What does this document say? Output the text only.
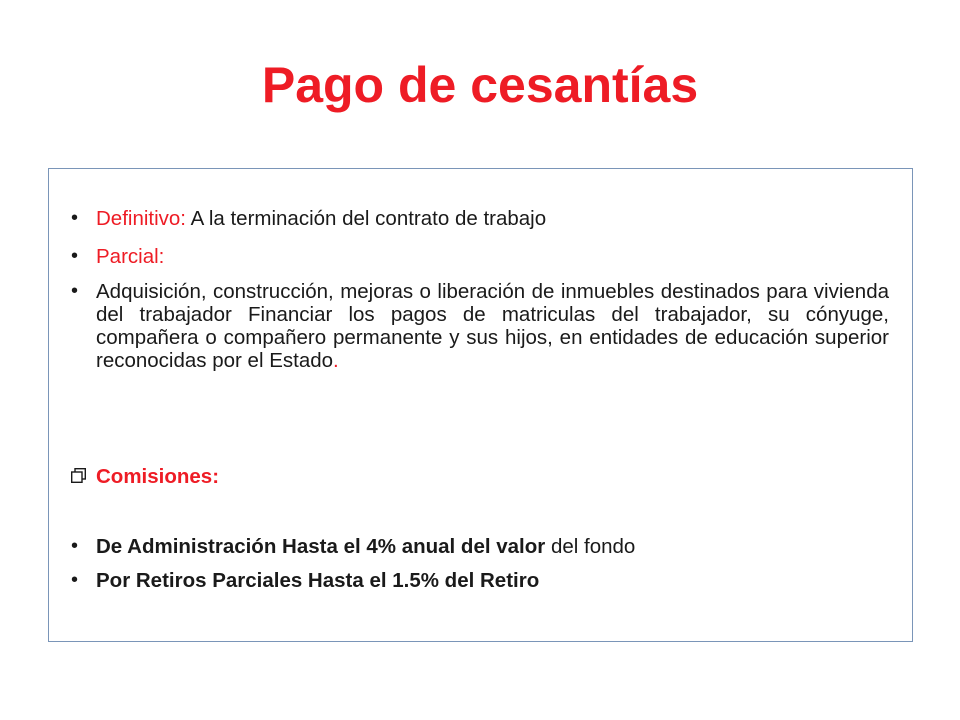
Pago de cesantías
• Definitivo: A la terminación del contrato de trabajo
• Parcial:
• Adquisición, construcción, mejoras o liberación de inmuebles destinados para vivienda del trabajador Financiar los pagos de matriculas del trabajador, su cónyuge, compañera o compañero permanente y sus hijos, en entidades de educación superior reconocidas por el Estado.
Comisiones:
• De Administración Hasta el 4% anual del valor del fondo
• Por Retiros Parciales Hasta el 1.5% del Retiro
